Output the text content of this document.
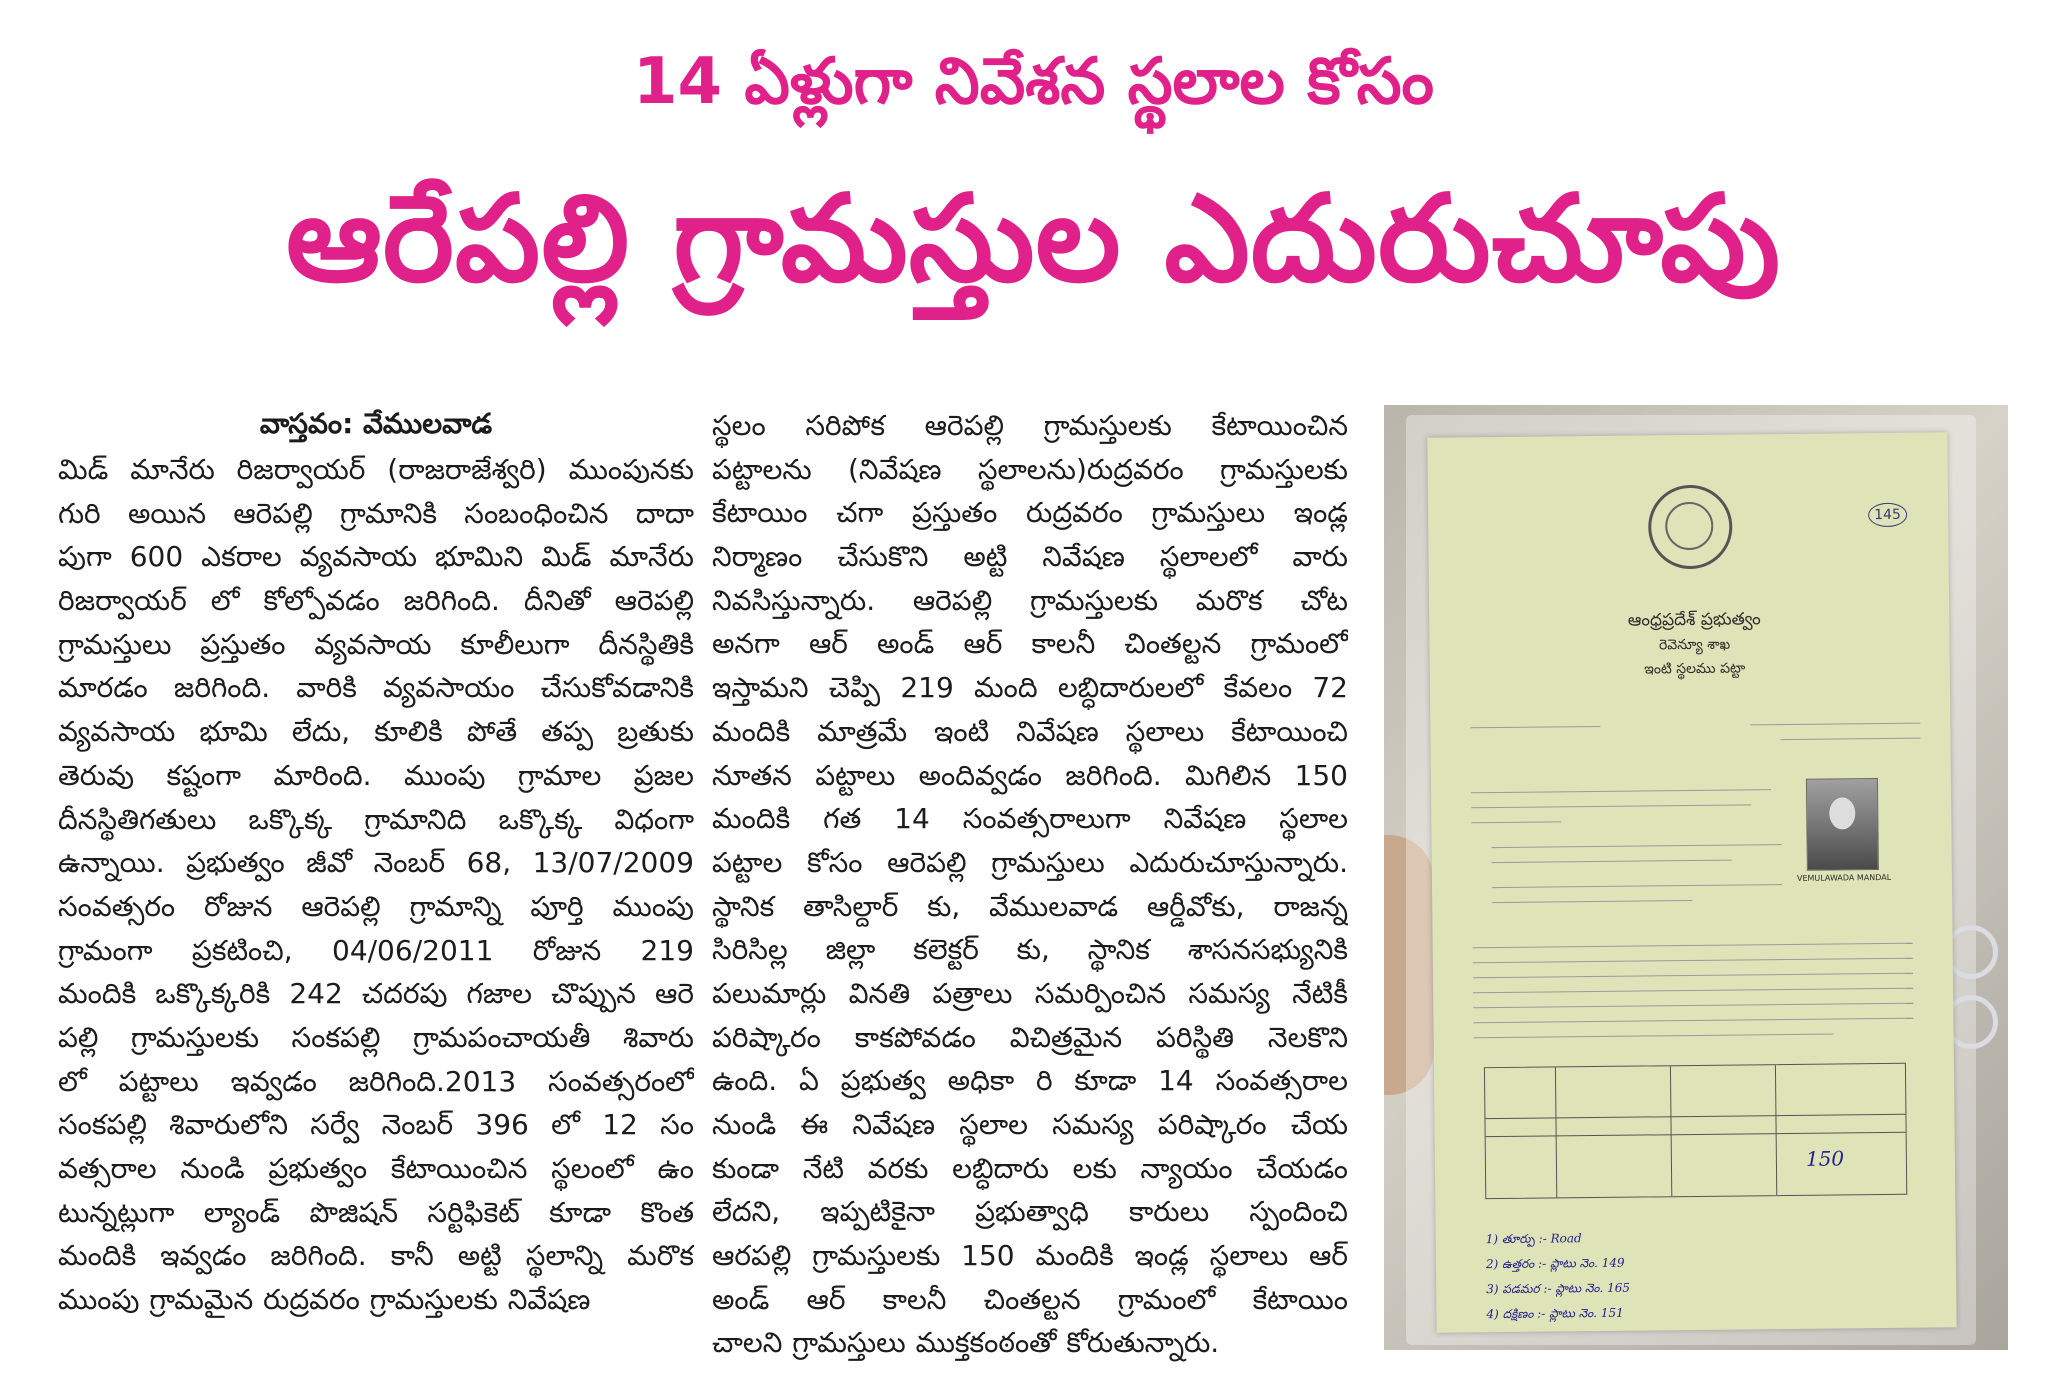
14 ఏళ్లుగా నివేశన స్థలాల కోసం
ఆరేపల్లి గ్రామస్తుల ఎదురుచూపు
వాస్తవం: వేములవాడ
మిడ్ మానేరు రిజర్వాయర్ (రాజరాజేశ్వరి) ముంపునకు
గురి అయిన ఆరెపల్లి గ్రామానికి సంబంధించిన దాదా
పుగా 600 ఎకరాల వ్యవసాయ భూమిని మిడ్ మానేరు
రిజర్వాయర్ లో కోల్పోవడం జరిగింది. దీనితో ఆరెపల్లి
గ్రామస్తులు ప్రస్తుతం వ్యవసాయ కూలీలుగా దీనస్థితికి
మారడం జరిగింది. వారికి వ్యవసాయం చేసుకోవడానికి
వ్యవసాయ భూమి లేదు, కూలికి పోతే తప్ప బ్రతుకు
తెరువు కష్టంగా మారింది. ముంపు గ్రామాల ప్రజల
దీనస్థితిగతులు ఒక్కొక్క గ్రామానిది ఒక్కొక్క విధంగా
ఉన్నాయి. ప్రభుత్వం జీవో నెంబర్ 68, 13/07/2009
సంవత్సరం రోజున ఆరెపల్లి గ్రామాన్ని పూర్తి ముంపు
గ్రామంగా ప్రకటించి, 04/06/2011 రోజున 219
మందికి ఒక్కొక్కరికి 242 చదరపు గజాల చొప్పున ఆరె
పల్లి గ్రామస్తులకు సంకపల్లి గ్రామపంచాయతీ శివారు
లో పట్టాలు ఇవ్వడం జరిగింది.2013 సంవత్సరంలో
సంకపల్లి శివారులోని సర్వే నెంబర్ 396 లో 12 సం
వత్సరాల నుండి ప్రభుత్వం కేటాయించిన స్థలంలో ఉం
టున్నట్లుగా ల్యాండ్ పొజిషన్ సర్టిఫికెట్ కూడా కొంత
మందికి ఇవ్వడం జరిగింది. కానీ అట్టి స్థలాన్ని మరొక
ముంపు గ్రామమైన రుద్రవరం గ్రామస్తులకు నివేషణ
స్థలం సరిపోక ఆరెపల్లి గ్రామస్తులకు కేటాయించిన
పట్టాలను (నివేషణ స్థలాలను)రుద్రవరం గ్రామస్తులకు
కేటాయిం చగా ప్రస్తుతం రుద్రవరం గ్రామస్తులు ఇండ్ల
నిర్మాణం చేసుకొని అట్టి నివేషణ స్థలాలలో వారు
నివసిస్తున్నారు. ఆరెపల్లి గ్రామస్తులకు మరొక చోట
అనగా ఆర్ అండ్ ఆర్ కాలనీ చింతల్టన గ్రామంలో
ఇస్తామని చెప్పి 219 మంది లబ్ధిదారులలో కేవలం 72
మందికి మాత్రమే ఇంటి నివేషణ స్థలాలు కేటాయించి
నూతన పట్టాలు అందివ్వడం జరిగింది. మిగిలిన 150
మందికి గత 14 సంవత్సరాలుగా నివేషణ స్థలాల
పట్టాల కోసం ఆరెపల్లి గ్రామస్తులు ఎదురుచూస్తున్నారు.
స్థానిక తాసిల్దార్ కు, వేములవాడ ఆర్డీవోకు, రాజన్న
సిరిసిల్ల జిల్లా కలెక్టర్ కు, స్థానిక శాసనసభ్యునికి
పలుమార్లు వినతి పత్రాలు సమర్పించిన సమస్య నేటికీ
పరిష్కారం కాకపోవడం విచిత్రమైన పరిస్థితి నెలకొని
ఉంది. ఏ ప్రభుత్వ అధికా రి కూడా 14 సంవత్సరాల
నుండి ఈ నివేషణ స్థలాల సమస్య పరిష్కారం చేయ
కుండా నేటి వరకు లబ్ధిదారు లకు న్యాయం చేయడం
లేదని, ఇప్పటికైనా ప్రభుత్వాధి కారులు స్పందించి
ఆరపల్లి గ్రామస్తులకు 150 మందికి ఇండ్ల స్థలాలు ఆర్
అండ్ ఆర్ కాలనీ చింతల్టన గ్రామంలో కేటాయిం
చాలని గ్రామస్తులు ముక్తకంఠంతో కోరుతున్నారు.
145
ఆంధ్రప్రదేశ్ ప్రభుత్వం
రెవెన్యూ శాఖ
ఇంటి స్థలము పట్టా
VEMULAWADA MANDAL
150
1) తూర్పు :- Road
2) ఉత్తరం :- ప్లాటు నెం. 149
3) పడమర :- ప్లాటు నెం. 165
4) దక్షిణం :- ప్లాటు నెం. 151
